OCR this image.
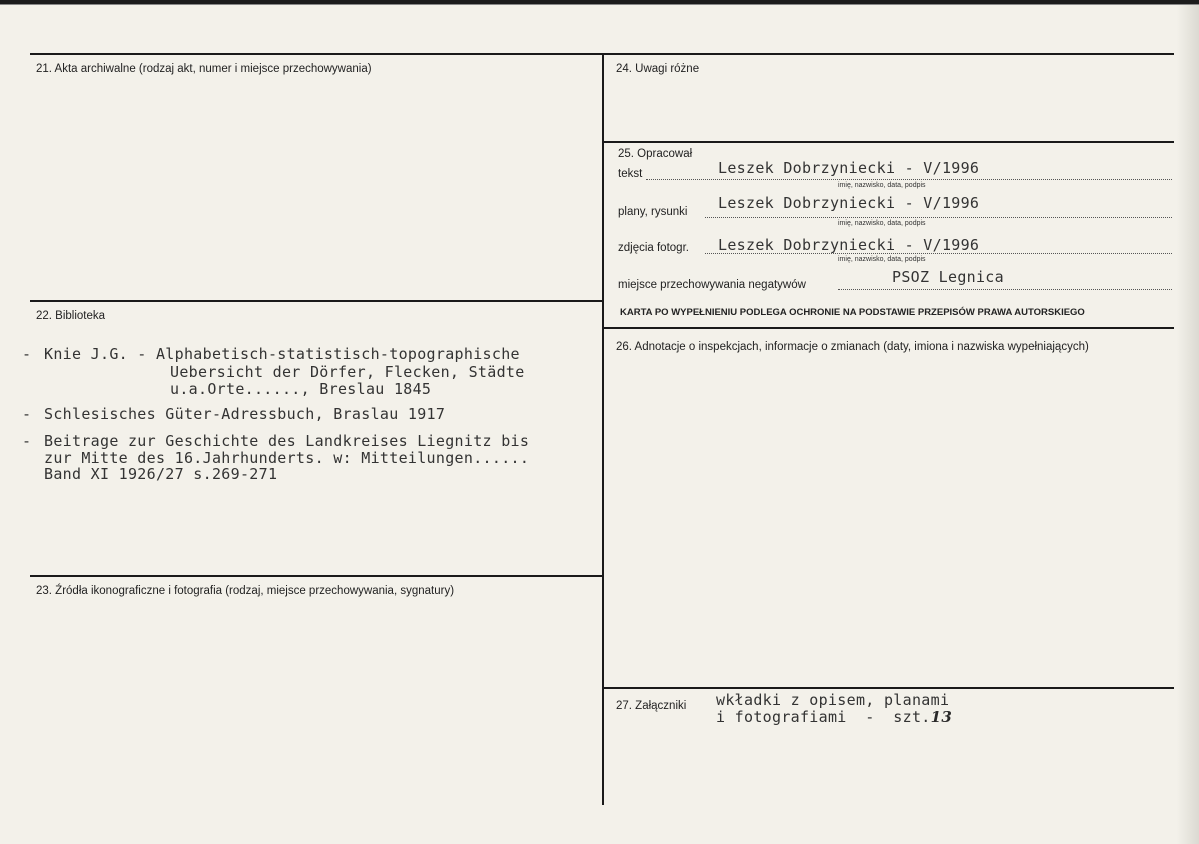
21. Akta archiwalne (rodzaj akt, numer i miejsce przechowywania)
22. Biblioteka
- Knie J.G. - Alphabetisch-statistisch-topographische
Uebersicht der Dörfer, Flecken, Städte
u.a.Orte......, Breslau 1845
- Schlesisches Güter-Adressbuch, Braslau 1917
- Beitrage zur Geschichte des Landkreises Liegnitz bis
zur Mitte des 16.Jahrhunderts. w: Mitteilungen......
Band XI 1926/27 s.269-271
23. Źródła ikonograficzne i fotografia (rodzaj, miejsce przechowywania, sygnatury)
24. Uwagi różne
25. Opracował
tekst	Leszek Dobrzyniecki - V/1996
imię, nazwisko, data, podpis
plany, rysunki Leszek Dobrzyniecki - V/1996
imię, nazwisko, data, podpis
zdjęcia fotogr. Leszek Dobrzyniecki - V/1996
imię, nazwisko, data, podpis
miejsce przechowywania negatywów	PSOZ Legnica
KARTA PO WYPEŁNIENIU PODLEGA OCHRONIE NA PODSTAWIE PRZEPISÓW PRAWA AUTORSKIEGO
26. Adnotacje o inspekcjach, informacje o zmianach (daty, imiona i nazwiska wypełniających)
27. Załączniki wkładki z opisem, planami
i fotografiami  -  szt.13
